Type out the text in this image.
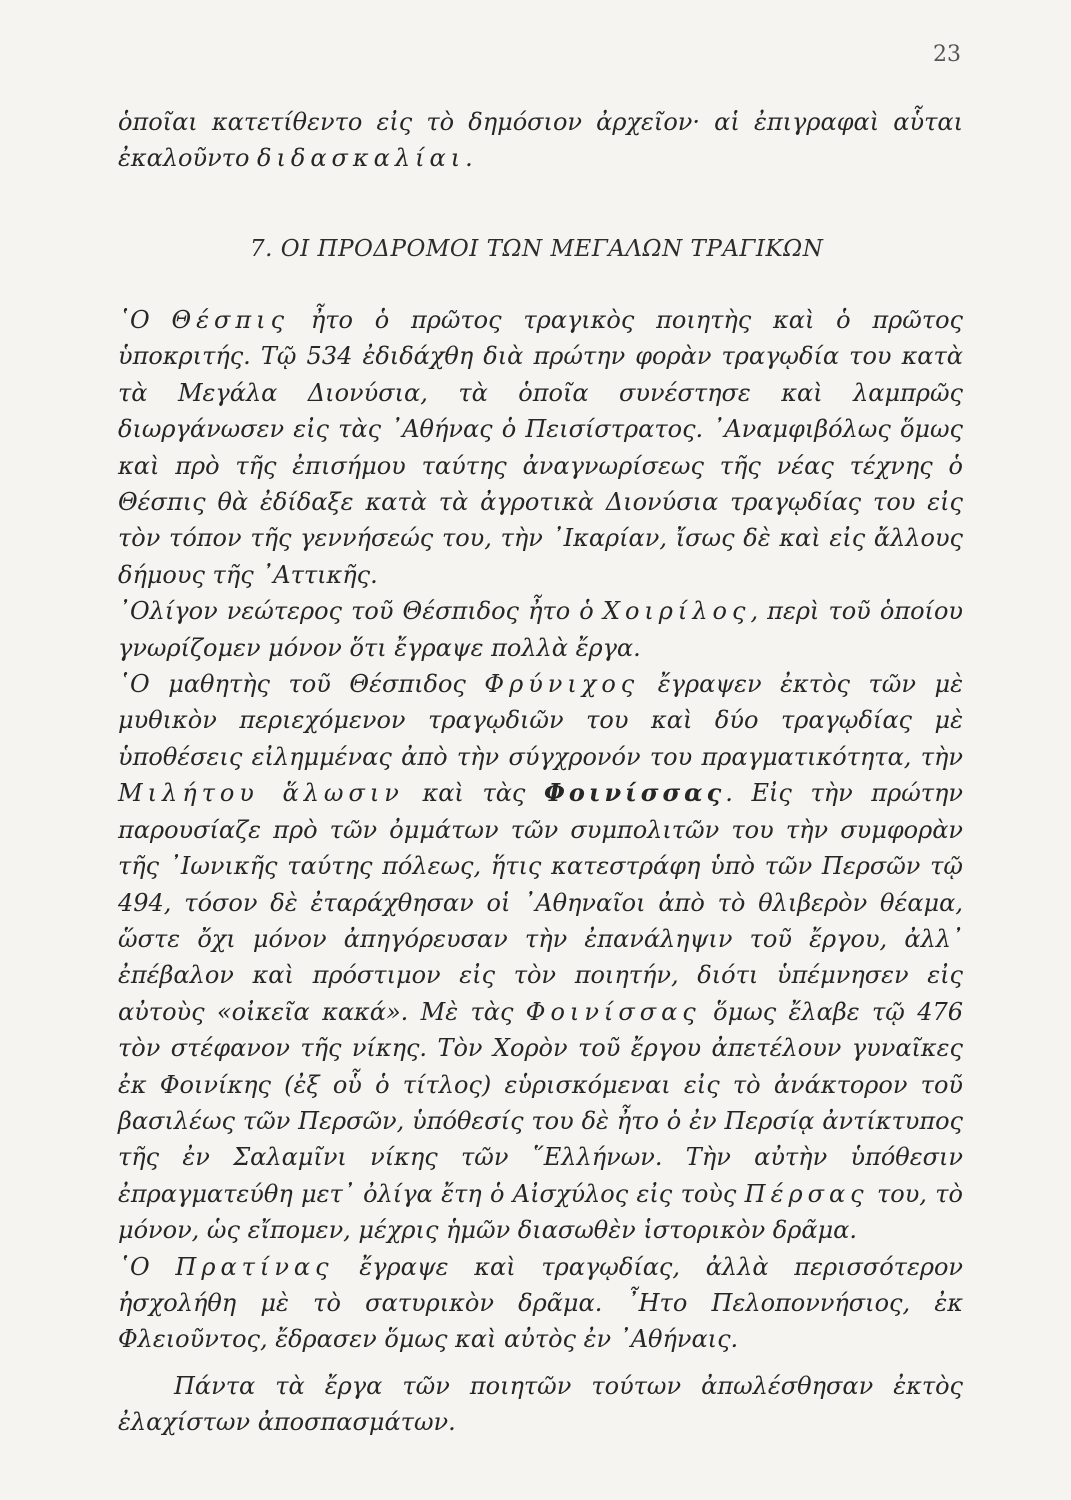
23

ὁποῖαι κατετίθεντο εἰς τὸ δημόσιον ἀρχεῖον· αἱ ἐπιγραφαὶ αὗται ἐκαλοῦντο διδασκαλίαι.

7. ΟΙ ΠΡΟΔΡΟΜΟΙ ΤΩΝ ΜΕΓΑΛΩΝ ΤΡΑΓΙΚΩΝ

῾Ο Θέσπις ἦτο ὁ πρῶτος τραγικὸς ποιητὴς καὶ ὁ πρῶτος ὑποκριτής. Τῷ 534 ἐδιδάχθη διὰ πρώτην φορὰν τραγῳδία του κατὰ τὰ Μεγάλα Διονύσια, τὰ ὁποῖα συνέστησε καὶ λαμπρῶς διωργάνωσεν εἰς τὰς ᾿Αθήνας ὁ Πεισίστρατος. ᾿Αναμφιβόλως ὅμως καὶ πρὸ τῆς ἐπισήμου ταύτης ἀναγνωρίσεως τῆς νέας τέχνης ὁ Θέσπις θὰ ἐδίδαξε κατὰ τὰ ἀγροτικὰ Διονύσια τραγῳδίας του εἰς τὸν τόπον τῆς γεννήσεώς του, τὴν ᾿Ικαρίαν, ἴσως δὲ καὶ εἰς ἄλλους δήμους τῆς ᾿Αττικῆς.

᾿Ολίγον νεώτερος τοῦ Θέσπιδος ἦτο ὁ Χοιρίλος, περὶ τοῦ ὁποίου γνωρίζομεν μόνον ὅτι ἔγραψε πολλὰ ἔργα.

῾Ο μαθητὴς τοῦ Θέσπιδος Φρύνιχος ἔγραψεν ἐκτὸς τῶν μὲ μυθικὸν περιεχόμενον τραγῳδιῶν του καὶ δύο τραγῳδίας μὲ ὑποθέσεις εἰλημμένας ἀπὸ τὴν σύγχρονόν του πραγματικότητα, τὴν Μιλήτου ἅλωσιν καὶ τὰς Φοινίσσας. Εἰς τὴν πρώτην παρουσίαζε πρὸ τῶν ὀμμάτων τῶν συμπολιτῶν του τὴν συμφορὰν τῆς ᾿Ιωνικῆς ταύτης πόλεως, ἥτις κατεστράφη ὑπὸ τῶν Περσῶν τῷ 494, τόσον δὲ ἐταράχθησαν οἱ ᾿Αθηναῖοι ἀπὸ τὸ θλιβερὸν θέαμα, ὥστε ὄχι μόνον ἀπηγόρευσαν τὴν ἐπανάληψιν τοῦ ἔργου, ἀλλ᾿ ἐπέβαλον καὶ πρόστιμον εἰς τὸν ποιητήν, διότι ὑπέμνησεν εἰς αὐτοὺς «οἰκεῖα κακά». Μὲ τὰς Φοινίσσας ὅμως ἔλαβε τῷ 476 τὸν στέφανον τῆς νίκης. Τὸν Χορὸν τοῦ ἔργου ἀπετέλουν γυναῖκες ἐκ Φοινίκης (ἐξ οὗ ὁ τίτλος) εὑρισκόμεναι εἰς τὸ ἀνάκτορον τοῦ βασιλέως τῶν Περσῶν, ὑπόθεσίς του δὲ ἦτο ὁ ἐν Περσίᾳ ἀντίκτυπος τῆς ἐν Σαλαμῖνι νίκης τῶν ῞Ελλήνων. Τὴν αὐτὴν ὑπόθεσιν ἐπραγματεύθη μετ᾿ ὀλίγα ἔτη ὁ Αἰσχύλος εἰς τοὺς Πέρσας του, τὸ μόνον, ὡς εἴπομεν, μέχρις ἡμῶν διασωθὲν ἱστορικὸν δρᾶμα.

῾Ο Πρατίνας ἔγραψε καὶ τραγῳδίας, ἀλλὰ περισσότερον ἠσχολήθη μὲ τὸ σατυρικὸν δρᾶμα. ῏Ητο Πελοποννήσιος, ἐκ Φλειοῦντος, ἔδρασεν ὅμως καὶ αὐτὸς ἐν ᾿Αθήναις.

Πάντα τὰ ἔργα τῶν ποιητῶν τούτων ἀπωλέσθησαν ἐκτὸς ἐλαχίστων ἀποσπασμάτων.
